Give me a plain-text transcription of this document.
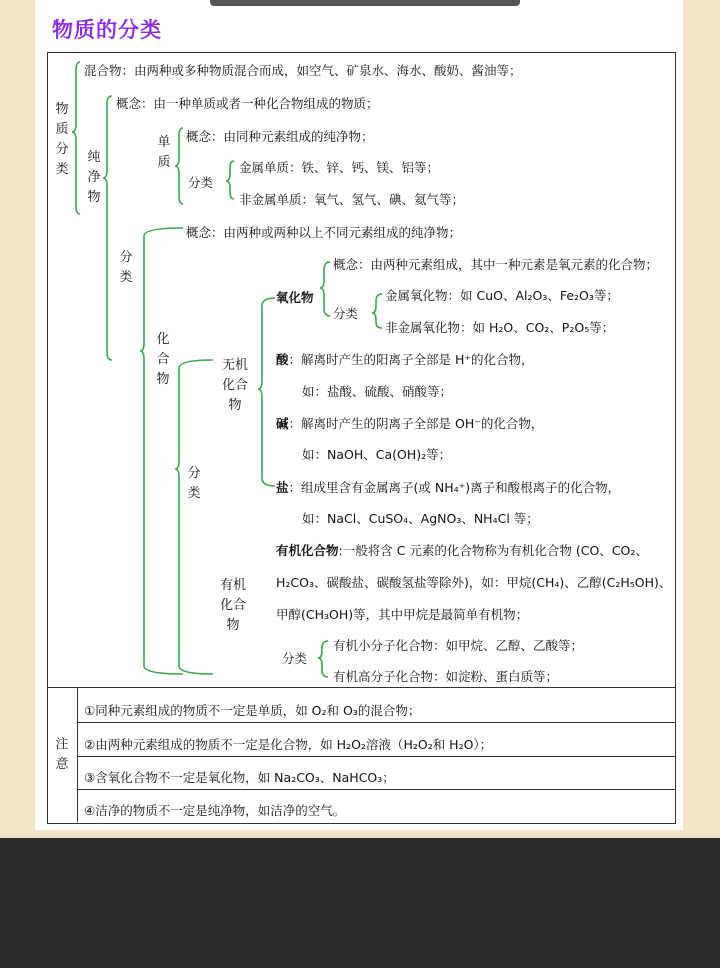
物质的分类
物质分类
纯净物
分类
单质
化合物
分类
无机化合物
有机化合物
注意
混合物：由两种或多种物质混合而成，如空气、矿泉水、海水、酸奶、酱油等；
概念：由一种单质或者一种化合物组成的物质；
概念：由同种元素组成的纯净物；
分类
金属单质：铁、锌、钙、镁、铝等；
非金属单质：氧气、氢气、碘、氦气等；
概念：由两种或两种以上不同元素组成的纯净物；
氧化物
概念：由两种元素组成，其中一种元素是氧元素的化合物；
分类
金属氧化物：如 CuO、Al₂O₃、Fe₂O₃等；
非金属氧化物：如 H₂O、CO₂、P₂O₅等；
酸：解离时产生的阳离子全部是 H⁺的化合物，
如：盐酸、硫酸、硝酸等；
碱：解离时产生的阴离子全部是 OH⁻的化合物，
如：NaOH、Ca(OH)₂等；
盐：组成里含有金属离子(或 NH₄⁺)离子和酸根离子的化合物，
如：NaCl、CuSO₄、AgNO₃、NH₄Cl 等；
有机化合物:一般将含 C 元素的化合物称为有机化合物 (CO、CO₂、
H₂CO₃、碳酸盐、碳酸氢盐等除外)，如：甲烷(CH₄)、乙醇(C₂H₅OH)、
甲醇(CH₃OH)等，其中甲烷是最简单有机物；
分类
有机小分子化合物：如甲烷、乙醇、乙酸等；
有机高分子化合物：如淀粉、蛋白质等；
①同种元素组成的物质不一定是单质，如 O₂和 O₃的混合物；
②由两种元素组成的物质不一定是化合物，如 H₂O₂溶液（H₂O₂和 H₂O）；
③含氧化合物不一定是氧化物，如 Na₂CO₃、NaHCO₃；
④洁净的物质不一定是纯净物，如洁净的空气。
